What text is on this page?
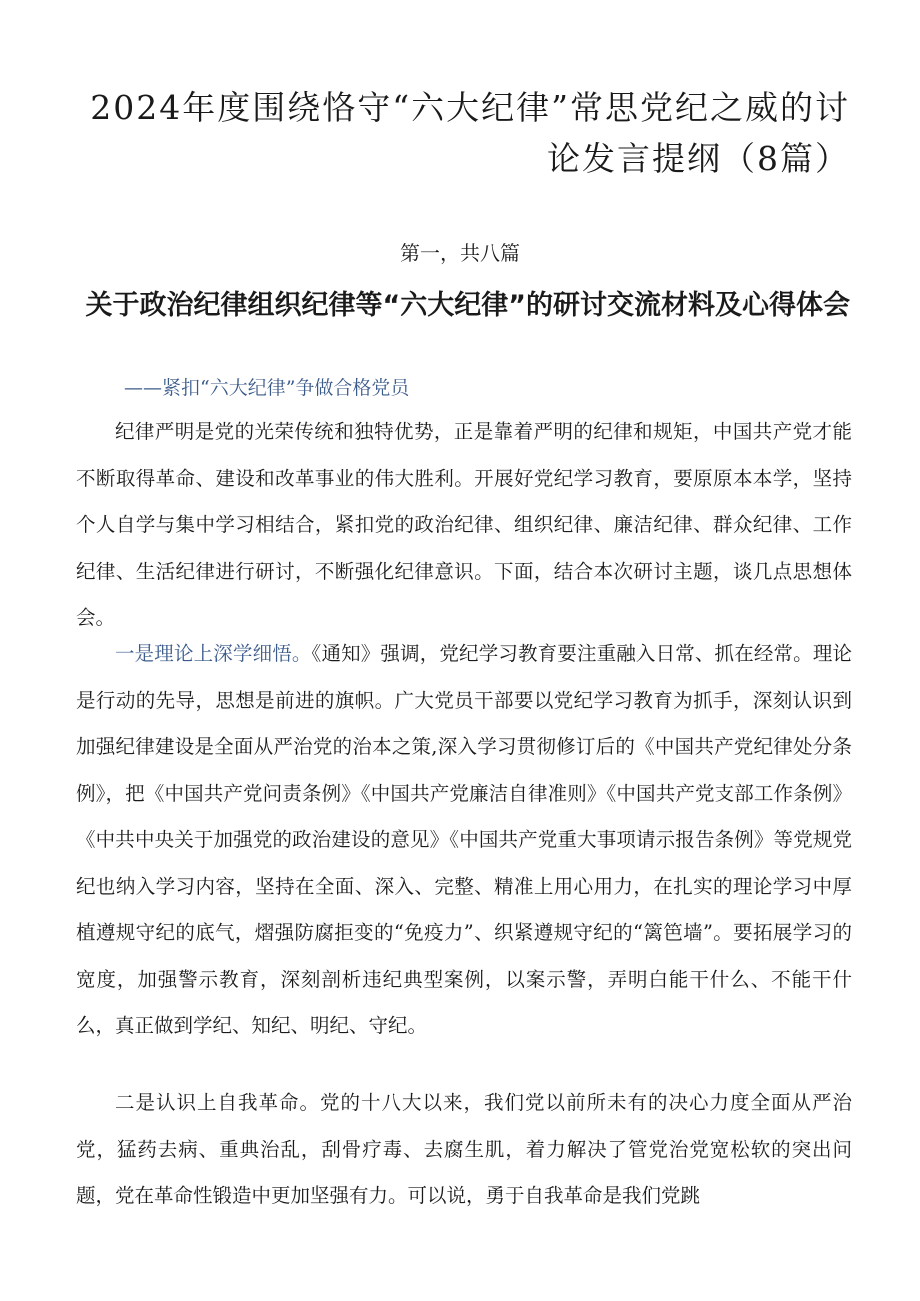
2024年度围绕恪守“六大纪律”常思党纪之威的讨论发言提纲（8篇）

第一，共八篇

关于政治纪律组织纪律等“六大纪律”的研讨交流材料及心得体会

——紧扣“六大纪律”争做合格党员

纪律严明是党的光荣传统和独特优势，正是靠着严明的纪律和规矩，中国共产党才能不断取得革命、建设和改革事业的伟大胜利。开展好党纪学习教育，要原原本本学，坚持个人自学与集中学习相结合，紧扣党的政治纪律、组织纪律、廉洁纪律、群众纪律、工作纪律、生活纪律进行研讨，不断强化纪律意识。下面，结合本次研讨主题，谈几点思想体会。

一是理论上深学细悟。《通知》强调，党纪学习教育要注重融入日常、抓在经常。理论是行动的先导，思想是前进的旗帜。广大党员干部要以党纪学习教育为抓手，深刻认识到加强纪律建设是全面从严治党的治本之策,深入学习贯彻修订后的《中国共产党纪律处分条例》，把《中国共产党问责条例》《中国共产党廉洁自律准则》《中国共产党支部工作条例》《中共中央关于加强党的政治建设的意见》《中国共产党重大事项请示报告条例》等党规党纪也纳入学习内容，坚持在全面、深入、完整、精准上用心用力，在扎实的理论学习中厚植遵规守纪的底气，熠强防腐拒变的“免疫力”、织紧遵规守纪的“篱笆墙”。要拓展学习的宽度，加强警示教育，深刻剖析违纪典型案例，以案示警，弄明白能干什么、不能干什么，真正做到学纪、知纪、明纪、守纪。

二是认识上自我革命。党的十八大以来，我们党以前所未有的决心力度全面从严治党，猛药去病、重典治乱，刮骨疗毒、去腐生肌，着力解决了管党治党宽松软的突出问题，党在革命性锻造中更加坚强有力。可以说，勇于自我革命是我们党跳
